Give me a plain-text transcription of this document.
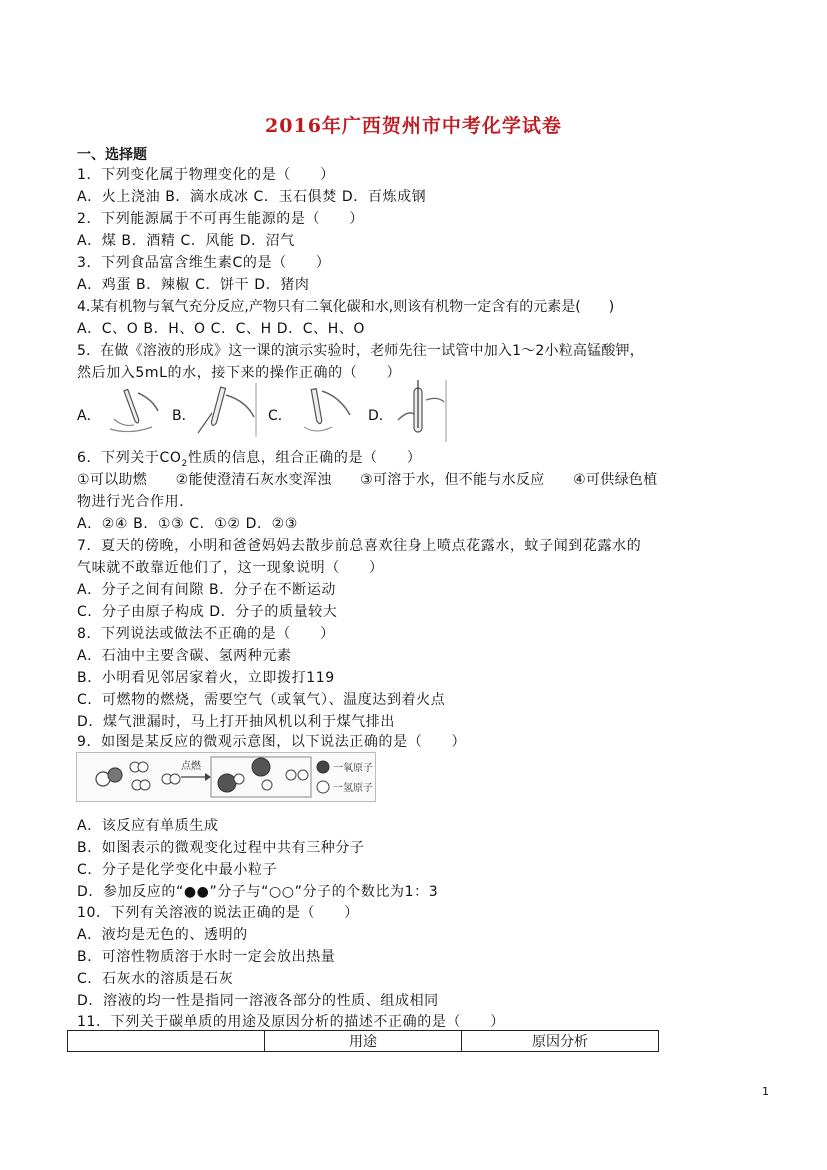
2016年广西贺州市中考化学试卷
一、选择题
1．下列变化属于物理变化的是（　　）
A．火上浇油 B．滴水成冰 C．玉石俱焚 D．百炼成钢
2．下列能源属于不可再生能源的是（　　）
A．煤 B．酒精 C．风能 D．沼气
3．下列食品富含维生素C的是（　　）
A．鸡蛋 B．辣椒 C．饼干 D．猪肉
4.某有机物与氧气充分反应,产物只有二氧化碳和水,则该有机物一定含有的元素是(　　)
A．C、O B．H、O C．C、H D．C、H、O
5．在做《溶液的形成》这一课的演示实验时，老师先往一试管中加入1～2小粒高锰酸钾，
然后加入5mL的水，接下来的操作正确的（　　）
A．	B．	C．	D．
6．下列关于$CO_2$性质的信息，组合正确的是（　　）
①可以助燃　　②能使澄清石灰水变浑浊　　③可溶于水，但不能与水反应　　④可供绿色植
物进行光合作用．
A．②④ B．①③ C．①② D．②③
7．夏天的傍晚，小明和爸爸妈妈去散步前总喜欢往身上喷点花露水，蚊子闻到花露水的
气味就不敢靠近他们了，这一现象说明（　　）
A．分子之间有间隙 B．分子在不断运动
C．分子由原子构成 D．分子的质量较大
8．下列说法或做法不正确的是（　　）
A．石油中主要含碳、氢两种元素
B．小明看见邻居家着火，立即拨打119
C．可燃物的燃烧，需要空气（或氧气）、温度达到着火点
D．煤气泄漏时，马上打开抽风机以利于煤气排出
9．如图是某反应的微观示意图，以下说法正确的是（　　）
点燃	一氧原子
一氢原子
A．该反应有单质生成
B．如图表示的微观变化过程中共有三种分子
C．分子是化学变化中最小粒子
D．参加反应的“●●”分子与“○○”分子的个数比为1：3
10．下列有关溶液的说法正确的是（　　）
A．液均是无色的、透明的
B．可溶性物质溶于水时一定会放出热量
C．石灰水的溶质是石灰
D．溶液的均一性是指同一溶液各部分的性质、组成相同
11．下列关于碳单质的用途及原因分析的描述不正确的是（　　）
	用途	原因分析
1
